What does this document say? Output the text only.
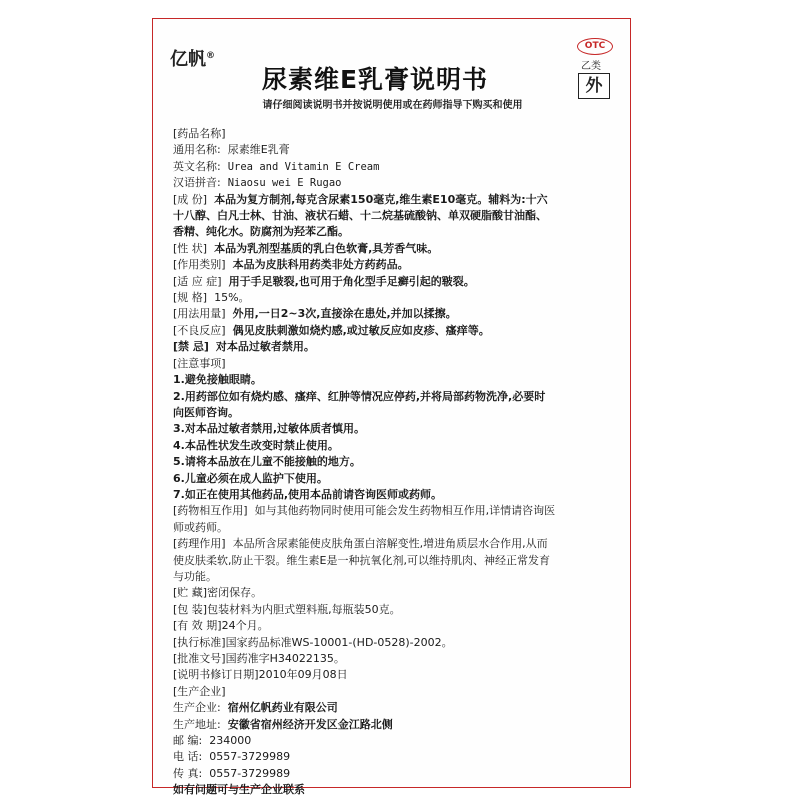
亿帆®
OTC
乙类
外
尿素维E乳膏说明书
请仔细阅读说明书并按说明使用或在药师指导下购买和使用
[药品名称]
通用名称: 尿素维E乳膏
英文名称: Urea and Vitamin E Cream
汉语拼音: Niaosu wei E Rugao
[成 份] 本品为复方制剂,每克含尿素150毫克,维生素E10毫克。辅料为:十六
十八醇、白凡士林、甘油、液状石蜡、十二烷基硫酸钠、单双硬脂酸甘油酯、
香精、纯化水。防腐剂为羟苯乙酯。
[性 状] 本品为乳剂型基质的乳白色软膏,具芳香气味。
[作用类别] 本品为皮肤科用药类非处方药药品。
[适 应 症] 用于手足皲裂,也可用于角化型手足癣引起的皲裂。
[规 格] 15%。
[用法用量] 外用,一日2~3次,直接涂在患处,并加以揉擦。
[不良反应] 偶见皮肤刺激如烧灼感,或过敏反应如皮疹、瘙痒等。
[禁 忌] 对本品过敏者禁用。
[注意事项]
1.避免接触眼睛。
2.用药部位如有烧灼感、瘙痒、红肿等情况应停药,并将局部药物洗净,必要时
向医师咨询。
3.对本品过敏者禁用,过敏体质者慎用。
4.本品性状发生改变时禁止使用。
5.请将本品放在儿童不能接触的地方。
6.儿童必须在成人监护下使用。
7.如正在使用其他药品,使用本品前请咨询医师或药师。
[药物相互作用] 如与其他药物同时使用可能会发生药物相互作用,详情请咨询医
师或药师。
[药理作用] 本品所含尿素能使皮肤角蛋白溶解变性,增进角质层水合作用,从而
使皮肤柔软,防止干裂。维生素E是一种抗氧化剂,可以维持肌肉、神经正常发育
与功能。
[贮 藏]密闭保存。
[包 装]包装材料为内胆式塑料瓶,每瓶装50克。
[有 效 期]24个月。
[执行标准]国家药品标准WS-10001-(HD-0528)-2002。
[批准文号]国药准字H34022135。
[说明书修订日期]2010年09月08日
[生产企业]
生产企业: 宿州亿帆药业有限公司
生产地址: 安徽省宿州经济开发区金江路北侧
邮 编: 234000
电 话: 0557-3729989
传 真: 0557-3729989
如有问题可与生产企业联系
